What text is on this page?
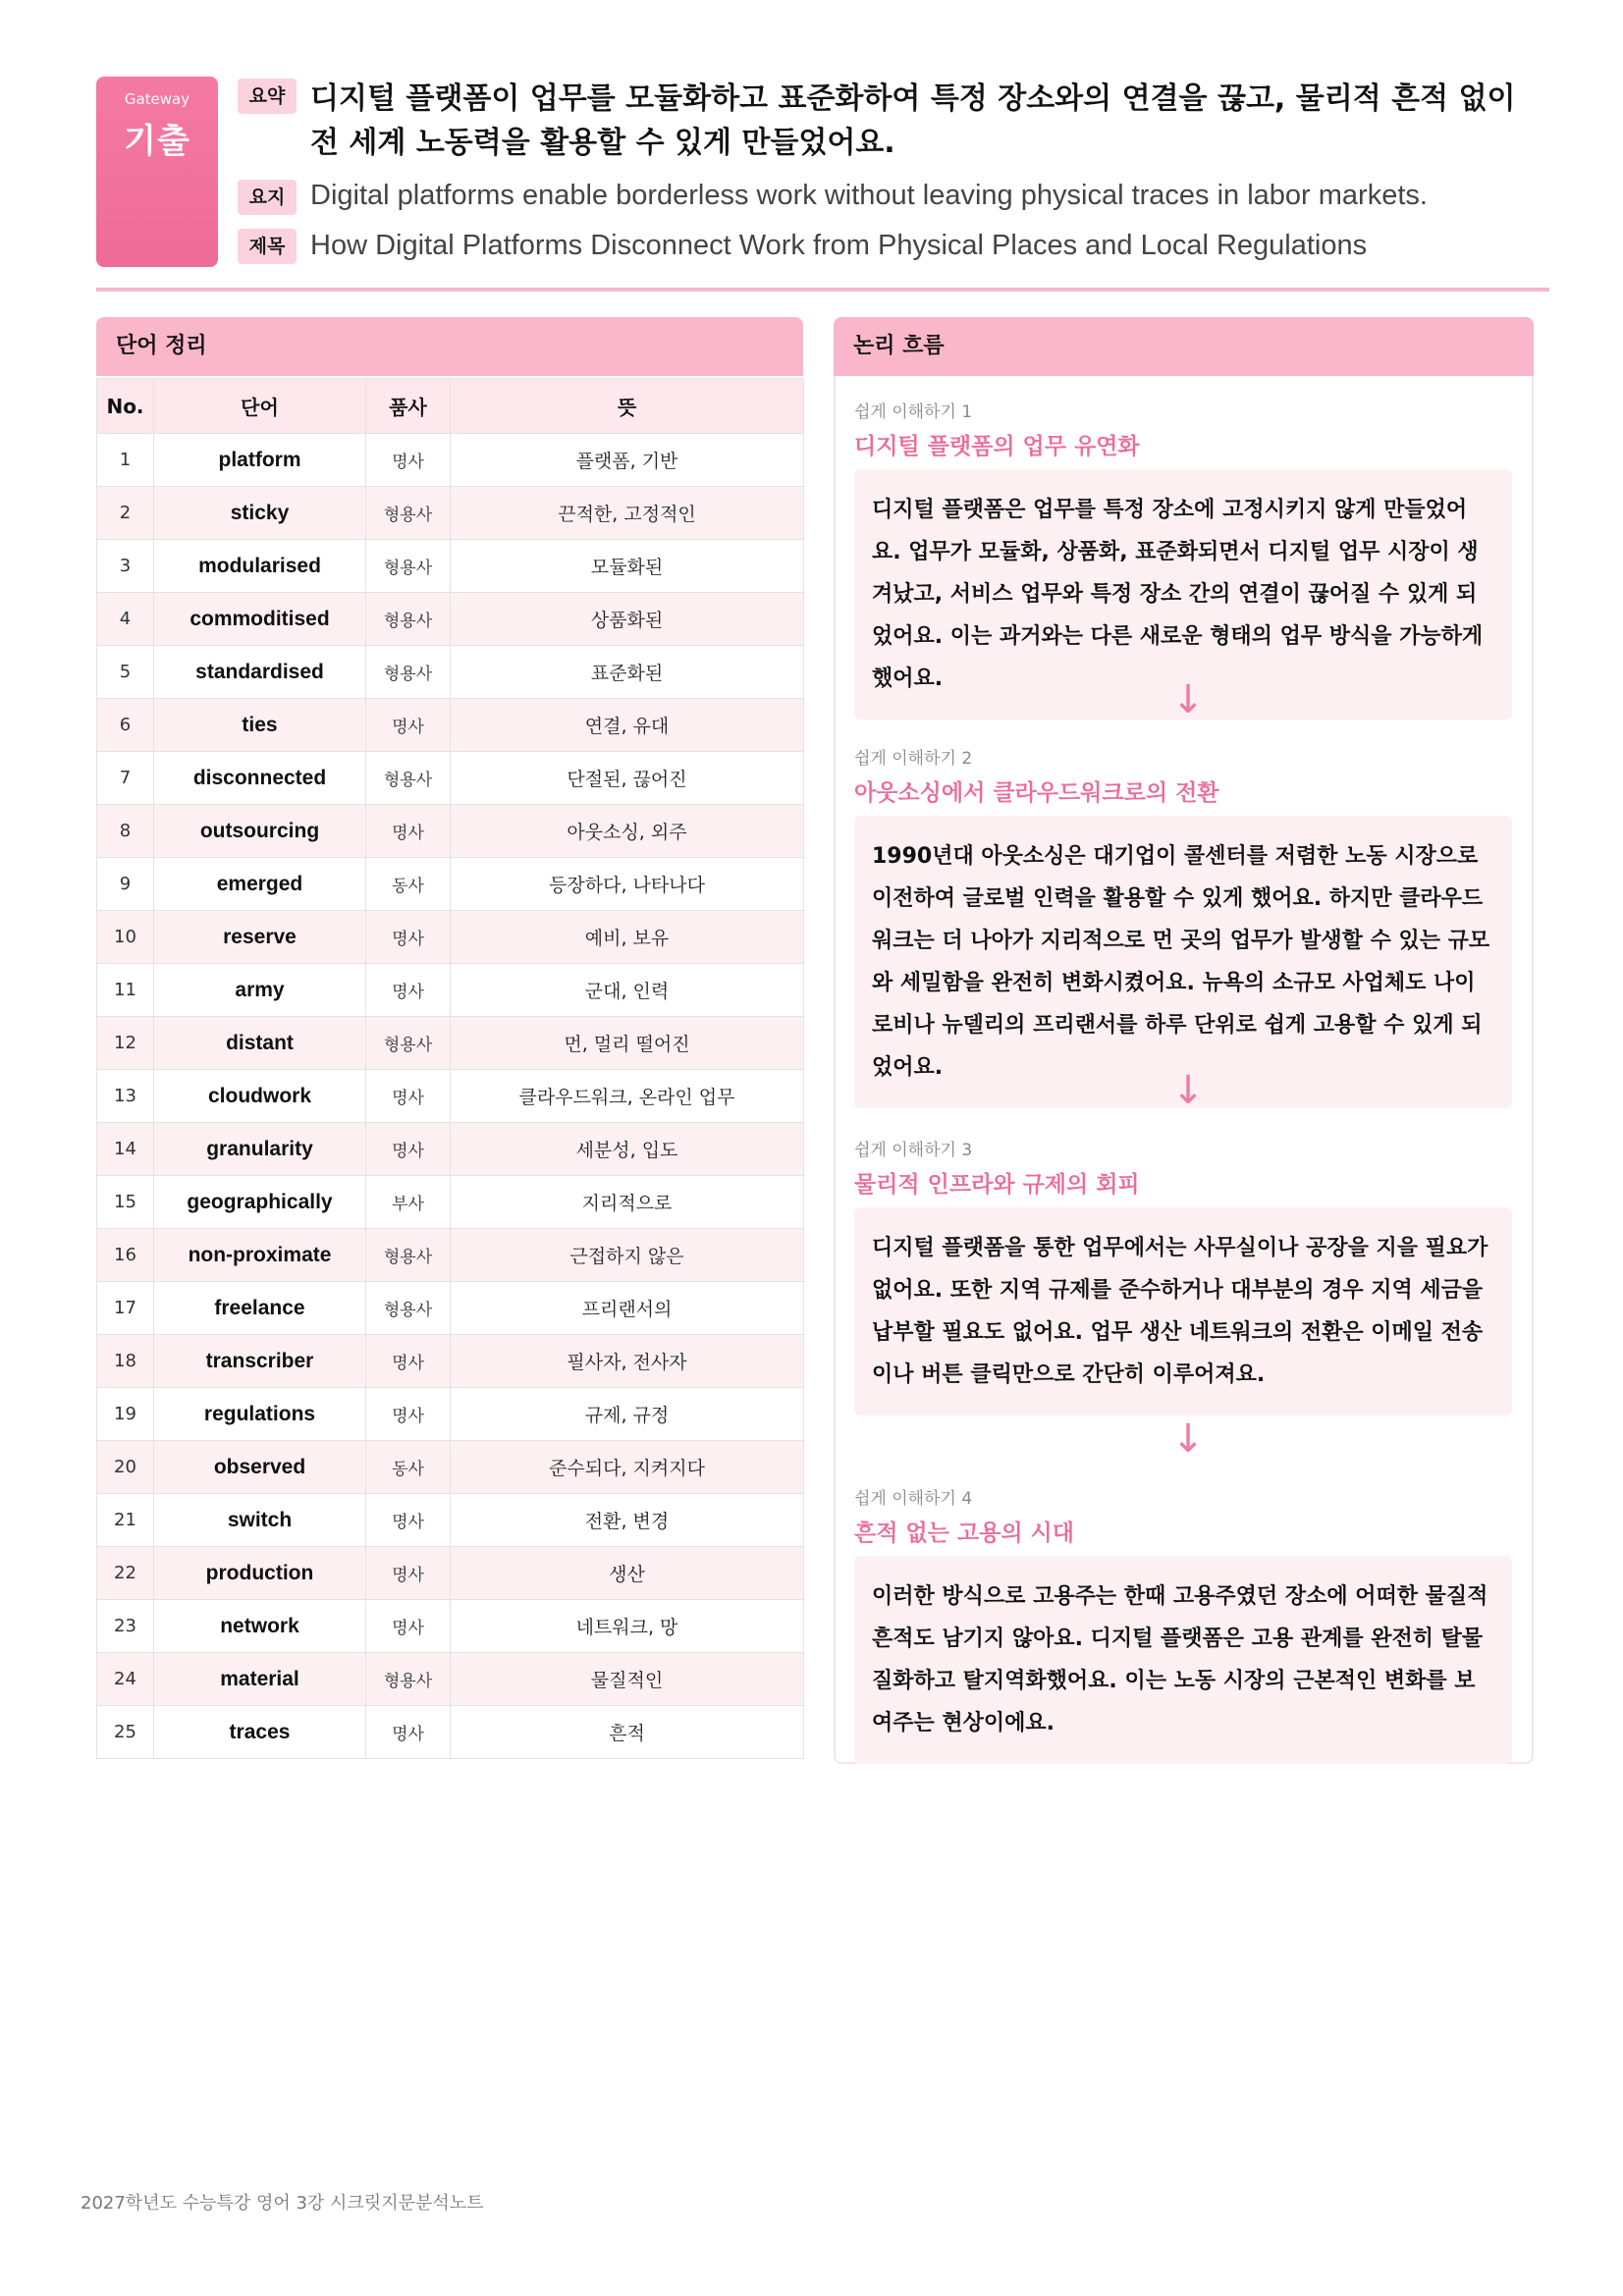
Gateway
기출
요약 디지털 플랫폼이 업무를 모듈화하고 표준화하여 특정 장소와의 연결을 끊고, 물리적 흔적 없이 전 세계 노동력을 활용할 수 있게 만들었어요.
요지 Digital platforms enable borderless work without leaving physical traces in labor markets.
제목 How Digital Platforms Disconnect Work from Physical Places and Local Regulations
단어 정리
No.	단어	품사	뜻
1	platform	명사	플랫폼, 기반
2	sticky	형용사	끈적한, 고정적인
3	modularised	형용사	모듈화된
4	commoditised	형용사	상품화된
5	standardised	형용사	표준화된
6	ties	명사	연결, 유대
7	disconnected	형용사	단절된, 끊어진
8	outsourcing	명사	아웃소싱, 외주
9	emerged	동사	등장하다, 나타나다
10	reserve	명사	예비, 보유
11	army	명사	군대, 인력
12	distant	형용사	먼, 멀리 떨어진
13	cloudwork	명사	클라우드워크, 온라인 업무
14	granularity	명사	세분성, 입도
15	geographically	부사	지리적으로
16	non-proximate	형용사	근접하지 않은
17	freelance	형용사	프리랜서의
18	transcriber	명사	필사자, 전사자
19	regulations	명사	규제, 규정
20	observed	동사	준수되다, 지켜지다
21	switch	명사	전환, 변경
22	production	명사	생산
23	network	명사	네트워크, 망
24	material	형용사	물질적인
25	traces	명사	흔적
논리 흐름
쉽게 이해하기 1
디지털 플랫폼의 업무 유연화
디지털 플랫폼은 업무를 특정 장소에 고정시키지 않게 만들었어요. 업무가 모듈화, 상품화, 표준화되면서 디지털 업무 시장이 생겨났고, 서비스 업무와 특정 장소 간의 연결이 끊어질 수 있게 되었어요. 이는 과거와는 다른 새로운 형태의 업무 방식을 가능하게 했어요.	↓
쉽게 이해하기 2
아웃소싱에서 클라우드워크로의 전환
1990년대 아웃소싱은 대기업이 콜센터를 저렴한 노동 시장으로 이전하여 글로벌 인력을 활용할 수 있게 했어요. 하지만 클라우드워크는 더 나아가 지리적으로 먼 곳의 업무가 발생할 수 있는 규모와 세밀함을 완전히 변화시켰어요. 뉴욕의 소규모 사업체도 나이로비나 뉴델리의 프리랜서를 하루 단위로 쉽게 고용할 수 있게 되었어요.
↓
쉽게 이해하기 3
물리적 인프라와 규제의 회피
디지털 플랫폼을 통한 업무에서는 사무실이나 공장을 지을 필요가 없어요. 또한 지역 규제를 준수하거나 대부분의 경우 지역 세금을 납부할 필요도 없어요. 업무 생산 네트워크의 전환은 이메일 전송이나 버튼 클릭만으로 간단히 이루어져요.
↓
쉽게 이해하기 4
흔적 없는 고용의 시대
이러한 방식으로 고용주는 한때 고용주였던 장소에 어떠한 물질적 흔적도 남기지 않아요. 디지털 플랫폼은 고용 관계를 완전히 탈물질화하고 탈지역화했어요. 이는 노동 시장의 근본적인 변화를 보여주는 현상이에요.
2027학년도 수능특강 영어 3강 시크릿지문분석노트
